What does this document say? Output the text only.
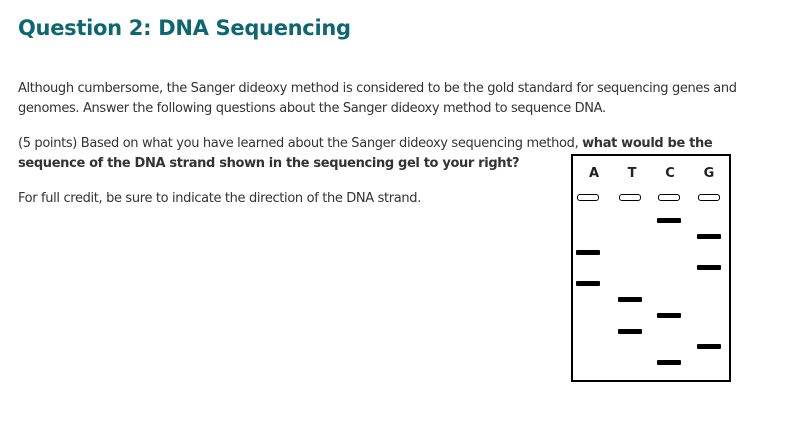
Question 2: DNA Sequencing

Although cumbersome, the Sanger dideoxy method is considered to be the gold standard for sequencing genes and genomes. Answer the following questions about the Sanger dideoxy method to sequence DNA.

(5 points) Based on what you have learned about the Sanger dideoxy sequencing method, what would be the sequence of the DNA strand shown in the sequencing gel to your right?

For full credit, be sure to indicate the direction of the DNA strand.

A	T	C	G
